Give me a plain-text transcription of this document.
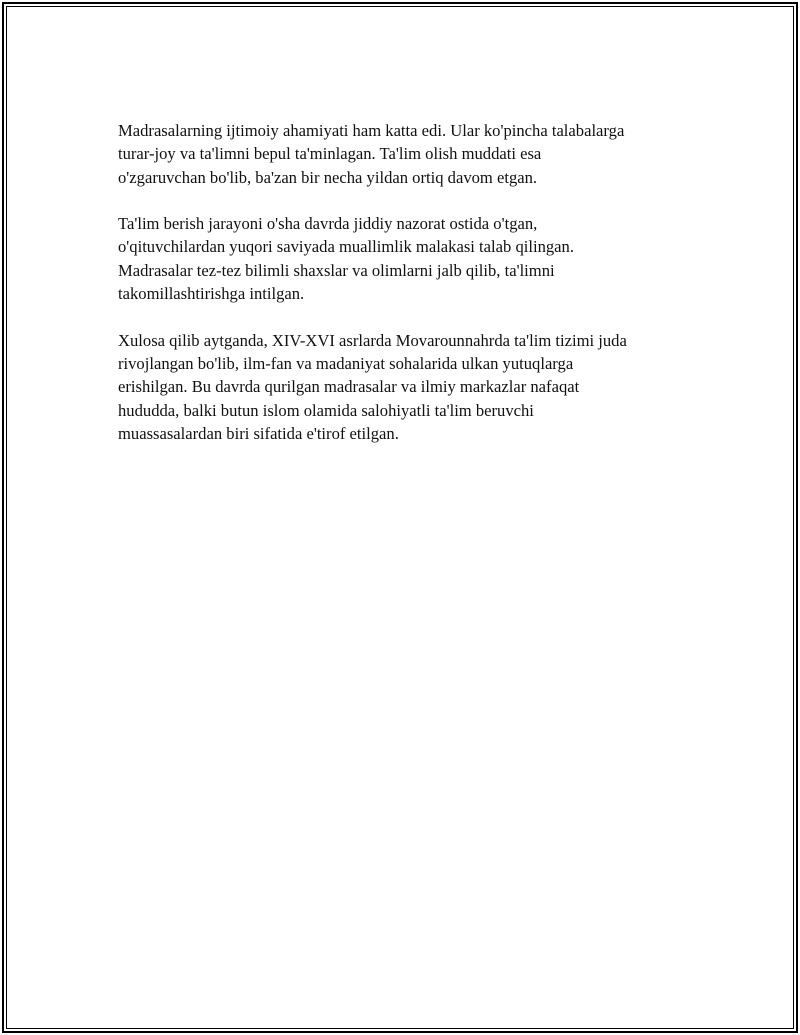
Madrasalarning ijtimoiy ahamiyati ham katta edi. Ular ko'pincha talabalarga
turar-joy va ta'limni bepul ta'minlagan. Ta'lim olish muddati esa
o'zgaruvchan bo'lib, ba'zan bir necha yildan ortiq davom etgan.

Ta'lim berish jarayoni o'sha davrda jiddiy nazorat ostida o'tgan,
o'qituvchilardan yuqori saviyada muallimlik malakasi talab qilingan.
Madrasalar tez-tez bilimli shaxslar va olimlarni jalb qilib, ta'limni
takomillashtirishga intilgan.

Xulosa qilib aytganda, XIV-XVI asrlarda Movarounnahrda ta'lim tizimi juda
rivojlangan bo'lib, ilm-fan va madaniyat sohalarida ulkan yutuqlarga
erishilgan. Bu davrda qurilgan madrasalar va ilmiy markazlar nafaqat
hududda, balki butun islom olamida salohiyatli ta'lim beruvchi
muassasalardan biri sifatida e'tirof etilgan.
